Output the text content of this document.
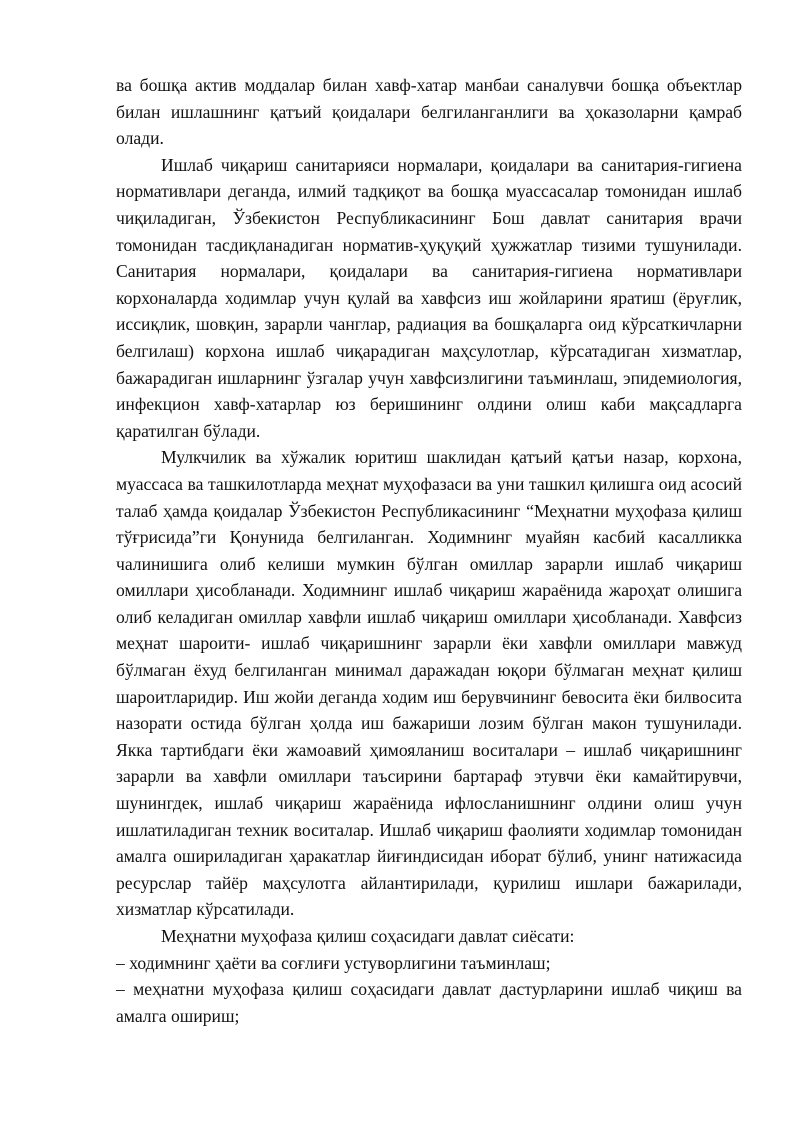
ва бошқа актив моддалар билан хавф-хатар манбаи саналувчи бошқа объектлар билан ишлашнинг қатъий қоидалари белгиланганлиги ва ҳоказоларни қамраб олади.

Ишлаб чиқариш санитарияси нормалари, қоидалари ва санитария-гигиена нормативлари деганда, илмий тадқиқот ва бошқа муассасалар томонидан ишлаб чиқиладиган, Ўзбекистон Республикасининг Бош давлат санитария врачи томонидан тасдиқланадиган норматив-ҳуқуқий ҳужжатлар тизими тушунилади. Санитария нормалари, қоидалари ва санитария-гигиена нормативлари корхоналарда ходимлар учун қулай ва хавфсиз иш жойларини яратиш (ёруғлик, иссиқлик, шовқин, зарарли чанглар, радиация ва бошқаларга оид кўрсаткичларни белгилаш) корхона ишлаб чиқарадиган маҳсулотлар, кўрсатадиган хизматлар, бажарадиган ишларнинг ўзгалар учун хавфсизлигини таъминлаш, эпидемиология, инфекцион хавф-хатарлар юз беришининг олдини олиш каби мақсадларга қаратилган бўлади.

Мулкчилик ва хўжалик юритиш шаклидан қатъий қатъи назар, корхона, муассаса ва ташкилотларда меҳнат муҳофазаси ва уни ташкил қилишга оид асосий талаб ҳамда қоидалар Ўзбекистон Республикасининг “Меҳнатни муҳофаза қилиш тўғрисида”ги Қонунида белгиланган. Ходимнинг муайян касбий касалликка чалинишига олиб келиши мумкин бўлган омиллар зарарли ишлаб чиқариш омиллари ҳисобланади. Ходимнинг ишлаб чиқариш жараёнида жароҳат олишига олиб келадиган омиллар хавфли ишлаб чиқариш омиллари ҳисобланади. Хавфсиз меҳнат шароити- ишлаб чиқаришнинг зарарли ёки хавфли омиллари мавжуд бўлмаган ёхуд белгиланган минимал даражадан юқори бўлмаган меҳнат қилиш шароитларидир. Иш жойи деганда ходим иш берувчининг бевосита ёки билвосита назорати остида бўлган ҳолда иш бажариши лозим бўлган макон тушунилади. Якка тартибдаги ёки жамоавий ҳимояланиш воситалари – ишлаб чиқаришнинг зарарли ва хавфли омиллари таъсирини бартараф этувчи ёки камайтирувчи, шунингдек, ишлаб чиқариш жараёнида ифлосланишнинг олдини олиш учун ишлатиладиган техник воситалар. Ишлаб чиқариш фаолияти ходимлар томонидан амалга ошириладиган ҳаракатлар йиғиндисидан иборат бўлиб, унинг натижасида ресурслар тайёр маҳсулотга айлантирилади, қурилиш ишлари бажарилади, хизматлар кўрсатилади.

Меҳнатни муҳофаза қилиш соҳасидаги давлат сиёсати:

– ходимнинг ҳаёти ва соғлиғи устуворлигини таъминлаш;

– меҳнатни муҳофаза қилиш соҳасидаги давлат дастурларини ишлаб чиқиш ва амалга ошириш;
